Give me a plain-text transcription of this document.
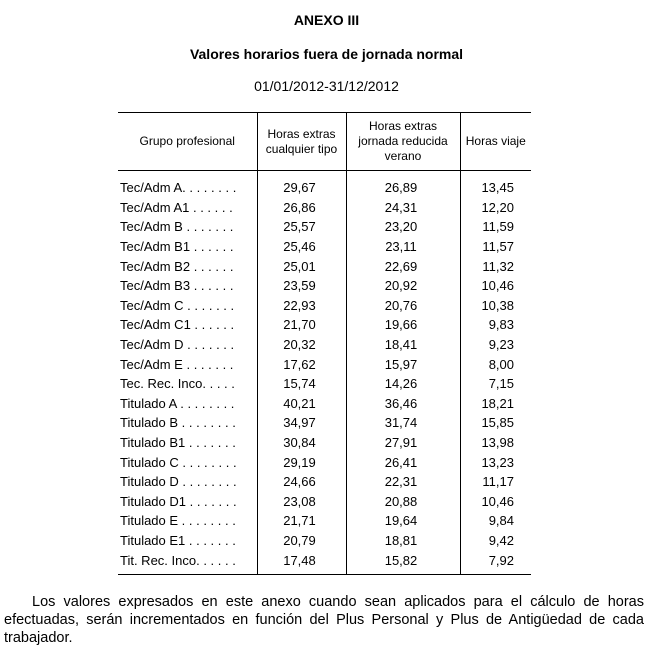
ANEXO III
Valores horarios fuera de jornada normal
01/01/2012-31/12/2012
Grupo profesional	Horas extras cualquier tipo	Horas extras jornada reducida verano	Horas viaje

Tec/Adm A. . . . . . . .	29,67	26,89	13,45
Tec/Adm A1 . . . . . .	26,86	24,31	12,20
Tec/Adm B . . . . . . .	25,57	23,20	11,59
Tec/Adm B1 . . . . . .	25,46	23,11	11,57
Tec/Adm B2 . . . . . .	25,01	22,69	11,32
Tec/Adm B3 . . . . . .	23,59	20,92	10,46
Tec/Adm C . . . . . . .	22,93	20,76	10,38
Tec/Adm C1 . . . . . .	21,70	19,66	9,83
Tec/Adm D . . . . . . .	20,32	18,41	9,23
Tec/Adm E . . . . . . .	17,62	15,97	8,00
Tec. Rec. Inco. . . . .	15,74	14,26	7,15
Titulado A . . . . . . . .	40,21	36,46	18,21
Titulado B . . . . . . . .	34,97	31,74	15,85
Titulado B1 . . . . . . .	30,84	27,91	13,98
Titulado C . . . . . . . .	29,19	26,41	13,23
Titulado D . . . . . . . .	24,66	22,31	11,17
Titulado D1 . . . . . . .	23,08	20,88	10,46
Titulado E . . . . . . . .	21,71	19,64	9,84
Titulado E1 . . . . . . .	20,79	18,81	9,42
Tit. Rec. Inco. . . . . .	17,48	15,82	7,92

Los valores expresados en este anexo cuando sean aplicados para el cálculo de horas efectuadas, serán incrementados en función del Plus Personal y Plus de Antigüedad de cada trabajador.
